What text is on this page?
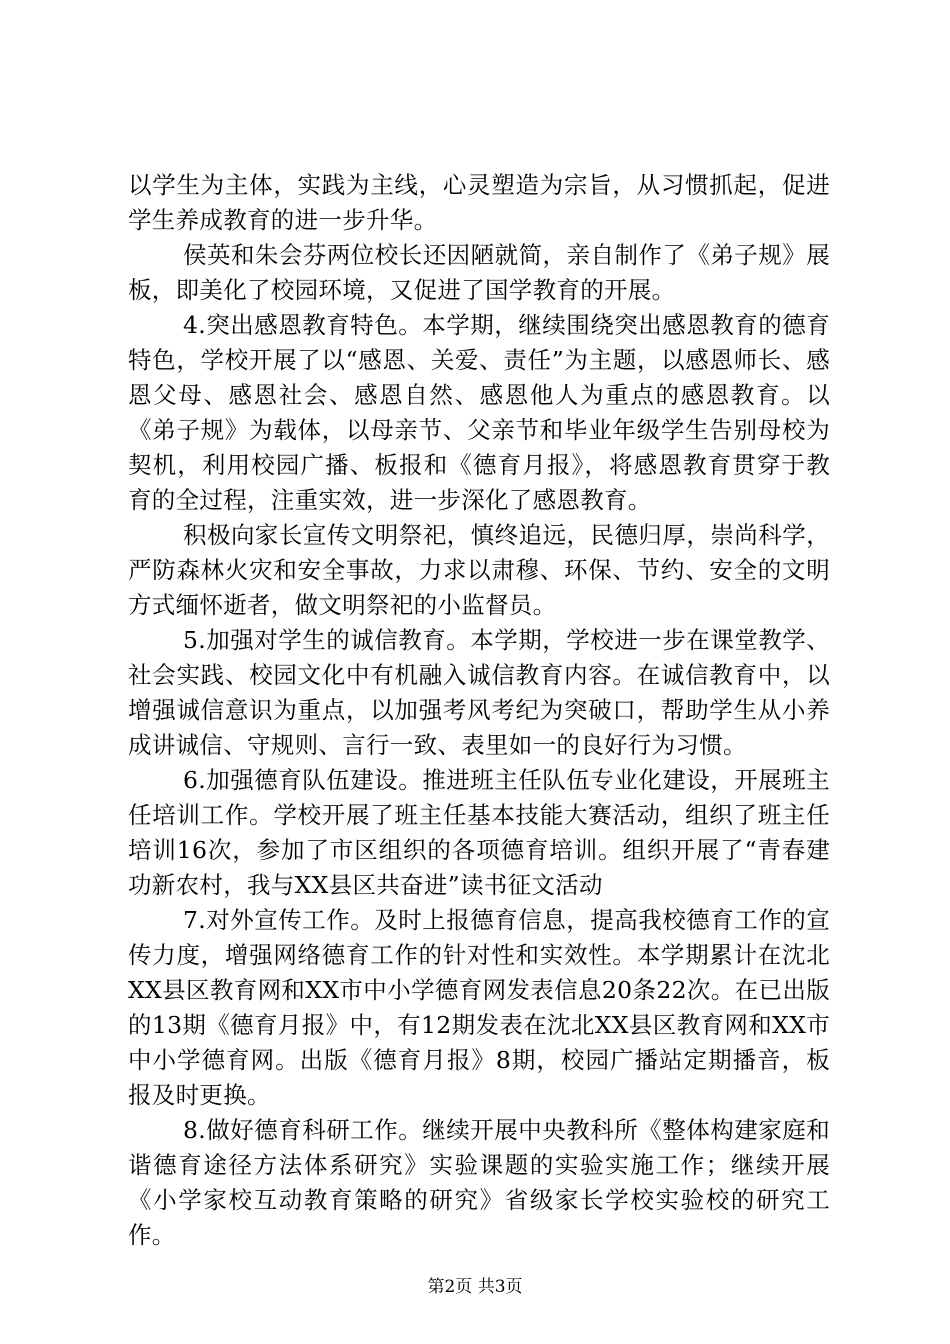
以学生为主体，实践为主线，心灵塑造为宗旨，从习惯抓起，促进学生养成教育的进一步升华。

侯英和朱会芬两位校长还因陋就简，亲自制作了《弟子规》展板，即美化了校园环境，又促进了国学教育的开展。

4.突出感恩教育特色。本学期，继续围绕突出感恩教育的德育特色，学校开展了以“感恩、关爱、责任”为主题，以感恩师长、感恩父母、感恩社会、感恩自然、感恩他人为重点的感恩教育。以《弟子规》为载体，以母亲节、父亲节和毕业年级学生告别母校为契机，利用校园广播、板报和《德育月报》，将感恩教育贯穿于教育的全过程，注重实效，进一步深化了感恩教育。

积极向家长宣传文明祭祀，慎终追远，民德归厚，崇尚科学，严防森林火灾和安全事故，力求以肃穆、环保、节约、安全的文明方式缅怀逝者，做文明祭祀的小监督员。

5.加强对学生的诚信教育。本学期，学校进一步在课堂教学、社会实践、校园文化中有机融入诚信教育内容。在诚信教育中，以增强诚信意识为重点，以加强考风考纪为突破口，帮助学生从小养成讲诚信、守规则、言行一致、表里如一的良好行为习惯。

6.加强德育队伍建设。推进班主任队伍专业化建设，开展班主任培训工作。学校开展了班主任基本技能大赛活动，组织了班主任培训16次，参加了市区组织的各项德育培训。组织开展了“青春建功新农村，我与XX县区共奋进”读书征文活动

7.对外宣传工作。及时上报德育信息，提高我校德育工作的宣传力度，增强网络德育工作的针对性和实效性。本学期累计在沈北XX县区教育网和XX市中小学德育网发表信息20条22次。在已出版的13期《德育月报》中，有12期发表在沈北XX县区教育网和XX市中小学德育网。出版《德育月报》8期，校园广播站定期播音，板报及时更换。

8.做好德育科研工作。继续开展中央教科所《整体构建家庭和谐德育途径方法体系研究》实验课题的实验实施工作；继续开展《小学家校互动教育策略的研究》省级家长学校实验校的研究工作。

第2页 共3页
